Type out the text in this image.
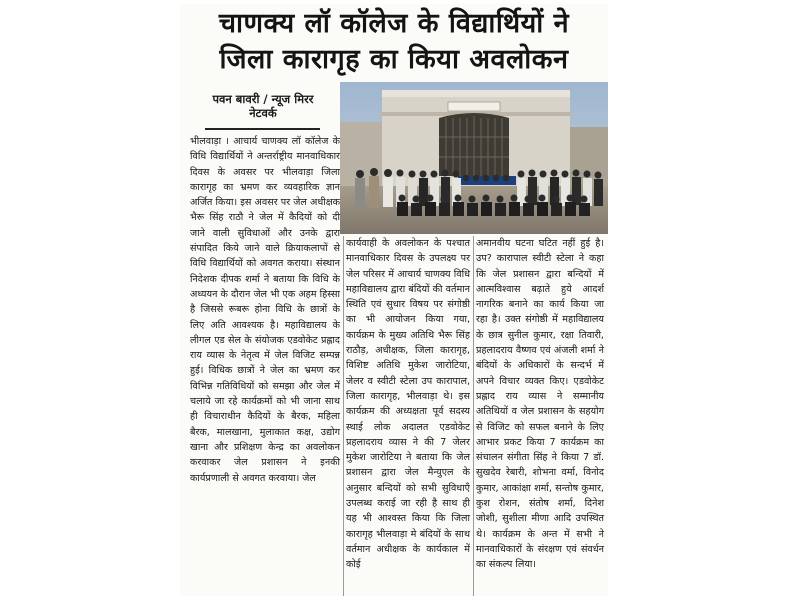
चाणक्य लॉ कॉलेज के विद्यार्थियों ने
जिला कारागृह का किया अवलोकन
पवन बावरी / न्यूज मिरर
नेटवर्क
भीलवाड़ा । आचार्य चाणक्य लॉ कॉलेज के विधि विद्यार्थियों ने अन्तर्राष्ट्रीय मानवाधिकार दिवस के अवसर पर भीलवाड़ा जिला कारागृह का भ्रमण कर व्यवहारिक ज्ञान अर्जित किया। इस अवसर पर जेल अधीक्षक भैरू सिंह राठौ ने जेल में कैदियों को दी जाने वाली सुविधाओं और उनके द्वारा संपादित किये जाने वाले क्रियाकलापों से विधि विद्यार्थियों को अवगत कराया। संस्थान निदेशक दीपक शर्मा ने बताया कि विधि के अध्ययन के दौरान जेल भी एक अहम हिस्सा है जिससे रूबरू होना विधि के छात्रों के लिए अति आवश्यक है। महाविद्यालय के लीगल एड सेल के संयोजक एडवोकेट प्रह्लाद राय व्यास के नेतृत्व में जेल विजिट सम्पन्न हुई। विधिक छात्रों ने जेल का भ्रमण कर विभिन्न गतिविधियों को समझा और जेल में चलाये जा रहे कार्यक्रमों को भी जाना साथ ही विचाराधीन कैदियों के बैरक, महिला बैरक, मालखाना, मुलाकात कक्ष, उद्योग खाना और प्रशिक्षण केन्द्र का अवलोकन करवाकर जेल प्रशासन ने इनकी कार्यप्रणाली से अवगत करवाया। जेल
कार्यवाही के अवलोकन के पश्चात मानवाधिकार दिवस के उपलक्ष्य पर जेल परिसर में आचार्य चाणक्य विधि महाविद्यालय द्वारा बंदियों की वर्तमान स्थिति एवं सुधार विषय पर संगोष्ठी का भी आयोजन किया गया, कार्यक्रम के मुख्य अतिथि भैरू सिंह राठौड़, अधीक्षक, जिला कारागृह, विशिष्ट अतिथि मुकेश जारोटिया, जेलर व स्वीटी स्टेला उप कारापाल, जिला कारागृह, भीलवाड़ा थे। इस कार्यक्रम की अध्यक्षता पूर्व सदस्य स्थाई लोक अदालत एडवोकेट प्रहलादराय व्यास ने की 7 जेलर मुकेश जारोटिया ने बताया कि जेल प्रशासन द्वारा जेल मैन्युएल के अनुसार बन्दियों को सभी सुविधाएँ उपलब्ध कराई जा रही है साथ ही यह भी आश्वस्त किया कि जिला कारागृह भीलवाड़ा मे बंदियों के साथ वर्तमान अधीक्षक के कार्यकाल में कोई
अमानवीय घटना घटित नहीं हुई है। उप? कारापाल स्वीटी स्टेला ने कहा कि जेल प्रशासन द्वारा बन्दियों में आत्मविश्वास बढ़ाते हुये आदर्श नागरिक बनाने का कार्य किया जा रहा है। उक्त संगोष्ठी में महाविद्यालय के छात्र सुनील कुमार, रक्षा तिवारी, प्रहलादराय वैष्णव एवं अंजली शर्मा ने बंदियों के अधिकारों के सन्दर्भ में अपने विचार व्यक्त किए। एडवोकेट प्रह्लाद राय व्यास ने सम्मानीय अतिथियों व जेल प्रशासन के सहयोग से विजिट को सफल बनाने के लिए आभार प्रकट किया 7 कार्यक्रम का संचालन संगीता सिंह ने किया 7 डॉ. सुखदेव रेबारी, शोभना वर्मा, विनोद कुमार, आकांक्षा शर्मा, सन्तोष कुमार, कुश रोशन, संतोष शर्मा, दिनेश जोशी, सुशीला मीणा आदि उपस्थित थे। कार्यक्रम के अन्त में सभी ने मानवाधिकारों के संरक्षण एवं संवर्धन का संकल्प लिया।
